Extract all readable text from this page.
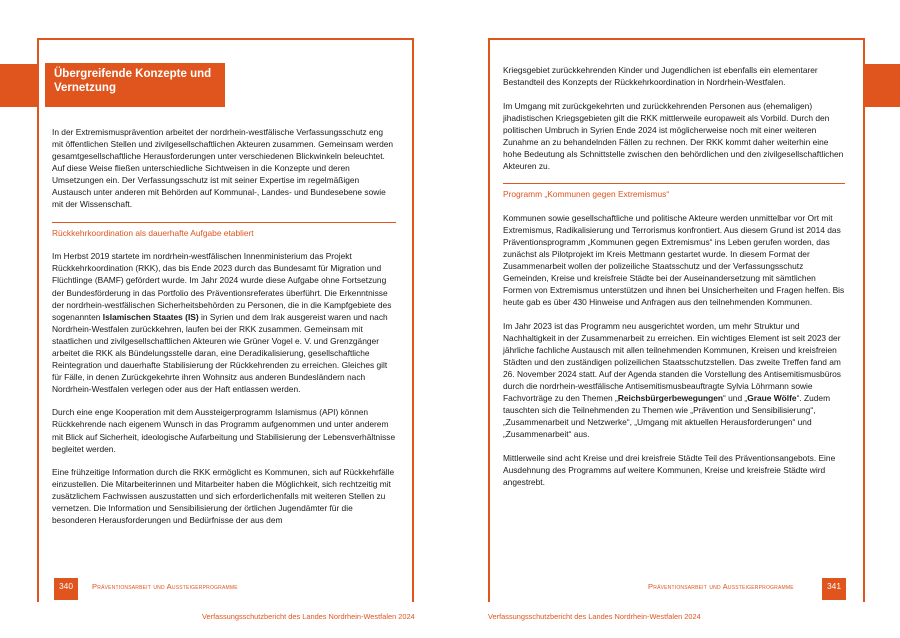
Übergreifende Konzepte und Vernetzung

In der Extremismusprävention arbeitet der nordrhein-westfälische Verfassungsschutz eng mit öffentlichen Stellen und zivilgesellschaftlichen Akteuren zusammen. Gemeinsam werden gesamtgesellschaftliche Herausforderungen unter verschiedenen Blickwinkeln beleuchtet. Auf diese Weise fließen unterschiedliche Sichtweisen in die Konzepte und deren Umsetzungen ein. Der Verfassungsschutz ist mit seiner Expertise im regelmäßigen Austausch unter anderen mit Behörden auf Kommunal-, Landes- und Bundesebene sowie mit der Wissenschaft.

Rückkehrkoordination als dauerhafte Aufgabe etabliert

Im Herbst 2019 startete im nordrhein-westfälischen Innenministerium das Projekt Rückkehrkoordination (RKK), das bis Ende 2023 durch das Bundesamt für Migration und Flüchtlinge (BAMF) gefördert wurde. Im Jahr 2024 wurde diese Aufgabe ohne Fortsetzung der Bundesförderung in das Portfolio des Präventionsreferates überführt. Die Erkenntnisse der nordrhein-westfälischen Sicherheitsbehörden zu Personen, die in die Kampfgebiete des sogenannten Islamischen Staates (IS) in Syrien und dem Irak ausgereist waren und nach Nordrhein-Westfalen zurückkehren, laufen bei der RKK zusammen. Gemeinsam mit staatlichen und zivilgesellschaftlichen Akteuren wie Grüner Vogel e. V. und Grenzgänger arbeitet die RKK als Bündelungsstelle daran, eine Deradikalisierung, gesellschaftliche Reintegration und dauerhafte Stabilisierung der Rückkehrenden zu erreichen. Gleiches gilt für Fälle, in denen Zurückgekehrte ihren Wohnsitz aus anderen Bundesländern nach Nordrhein-Westfalen verlegen oder aus der Haft entlassen werden.

Durch eine enge Kooperation mit dem Aussteigerprogramm Islamismus (API) können Rückkehrende nach eigenem Wunsch in das Programm aufgenommen und unter anderem mit Blick auf Sicherheit, ideologische Aufarbeitung und Stabilisierung der Lebensverhältnisse begleitet werden.

Eine frühzeitige Information durch die RKK ermöglicht es Kommunen, sich auf Rückkehrfälle einzustellen. Die Mitarbeiterinnen und Mitarbeiter haben die Möglichkeit, sich rechtzeitig mit zusätzlichem Fachwissen auszustatten und sich erforderlichenfalls mit weiteren Stellen zu vernetzen. Die Information und Sensibilisierung der örtlichen Jugendämter für die besonderen Herausforderungen und Bedürfnisse der aus dem

Kriegsgebiet zurückkehrenden Kinder und Jugendlichen ist ebenfalls ein elementarer Bestandteil des Konzepts der Rückkehrkoordination in Nordrhein-Westfalen.

Im Umgang mit zurückgekehrten und zurückkehrenden Personen aus (ehemaligen) jihadistischen Kriegsgebieten gilt die RKK mittlerweile europaweit als Vorbild. Durch den politischen Umbruch in Syrien Ende 2024 ist möglicherweise noch mit einer weiteren Zunahme an zu behandelnden Fällen zu rechnen. Der RKK kommt daher weiterhin eine hohe Bedeutung als Schnittstelle zwischen den behördlichen und den zivilgesellschaftlichen Akteuren zu.

Programm „Kommunen gegen Extremismus“

Kommunen sowie gesellschaftliche und politische Akteure werden unmittelbar vor Ort mit Extremismus, Radikalisierung und Terrorismus konfrontiert. Aus diesem Grund ist 2014 das Präventionsprogramm „Kommunen gegen Extremismus“ ins Leben gerufen worden, das zunächst als Pilotprojekt im Kreis Mettmann gestartet wurde. In diesem Format der Zusammenarbeit wollen der polizeiliche Staatsschutz und der Verfassungsschutz Gemeinden, Kreise und kreisfreie Städte bei der Auseinandersetzung mit sämtlichen Formen von Extremismus unterstützen und ihnen bei Unsicherheiten und Fragen helfen. Bis heute gab es über 430 Hinweise und Anfragen aus den teilnehmenden Kommunen.

Im Jahr 2023 ist das Programm neu ausgerichtet worden, um mehr Struktur und Nachhaltigkeit in der Zusammenarbeit zu erreichen. Ein wichtiges Element ist seit 2023 der jährliche fachliche Austausch mit allen teilnehmenden Kommunen, Kreisen und kreisfreien Städten und den zuständigen polizeilichen Staatsschutzstellen. Das zweite Treffen fand am 26. November 2024 statt. Auf der Agenda standen die Vorstellung des Antisemitismusbüros durch die nordrhein-westfälische Antisemitismusbeauftragte Sylvia Löhrmann sowie Fachvorträge zu den Themen „Reichsbürgerbewegungen“ und „Graue Wölfe“. Zudem tauschten sich die Teilnehmenden zu Themen wie „Prävention und Sensibilisierung“, „Zusammenarbeit und Netzwerke“, „Umgang mit aktuellen Herausforderungen“ und „Zusammenarbeit“ aus.

Mittlerweile sind acht Kreise und drei kreisfreie Städte Teil des Präventionsangebots. Eine Ausdehnung des Programms auf weitere Kommunen, Kreise und kreisfreie Städte wird angestrebt.

340	Präventionsarbeit und Aussteigerprogramme	341
Präventionsarbeit und Aussteigerprogramme
Verfassungsschutzbericht des Landes Nordrhein-Westfalen 2024	Verfassungsschutzbericht des Landes Nordrhein-Westfalen 2024
